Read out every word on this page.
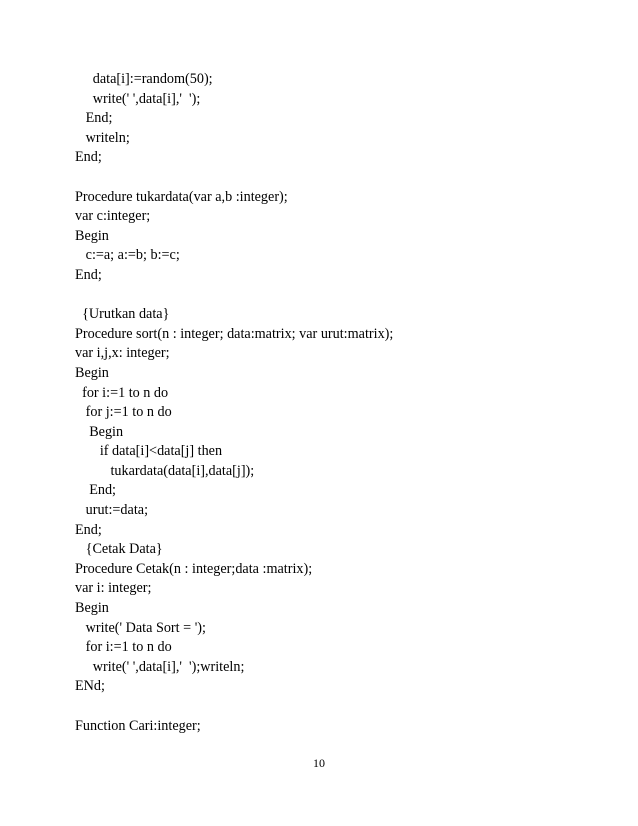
data[i]:=random(50);
write(' ',data[i],'  ');
End;
writeln;
End;
Procedure tukardata(var a,b :integer);
var c:integer;
Begin
c:=a; a:=b; b:=c;
End;
{Urutkan data}
Procedure sort(n : integer; data:matrix; var urut:matrix);
var i,j,x: integer;
Begin
for i:=1 to n do
for j:=1 to n do
Begin
if data[i]<data[j] then
tukardata(data[i],data[j]);
End;
urut:=data;
End;
{Cetak Data}
Procedure Cetak(n : integer;data :matrix);
var i: integer;
Begin
write(' Data Sort = ');
for i:=1 to n do
write(' ',data[i],'  ');writeln;
ENd;
Function Cari:integer;
10
